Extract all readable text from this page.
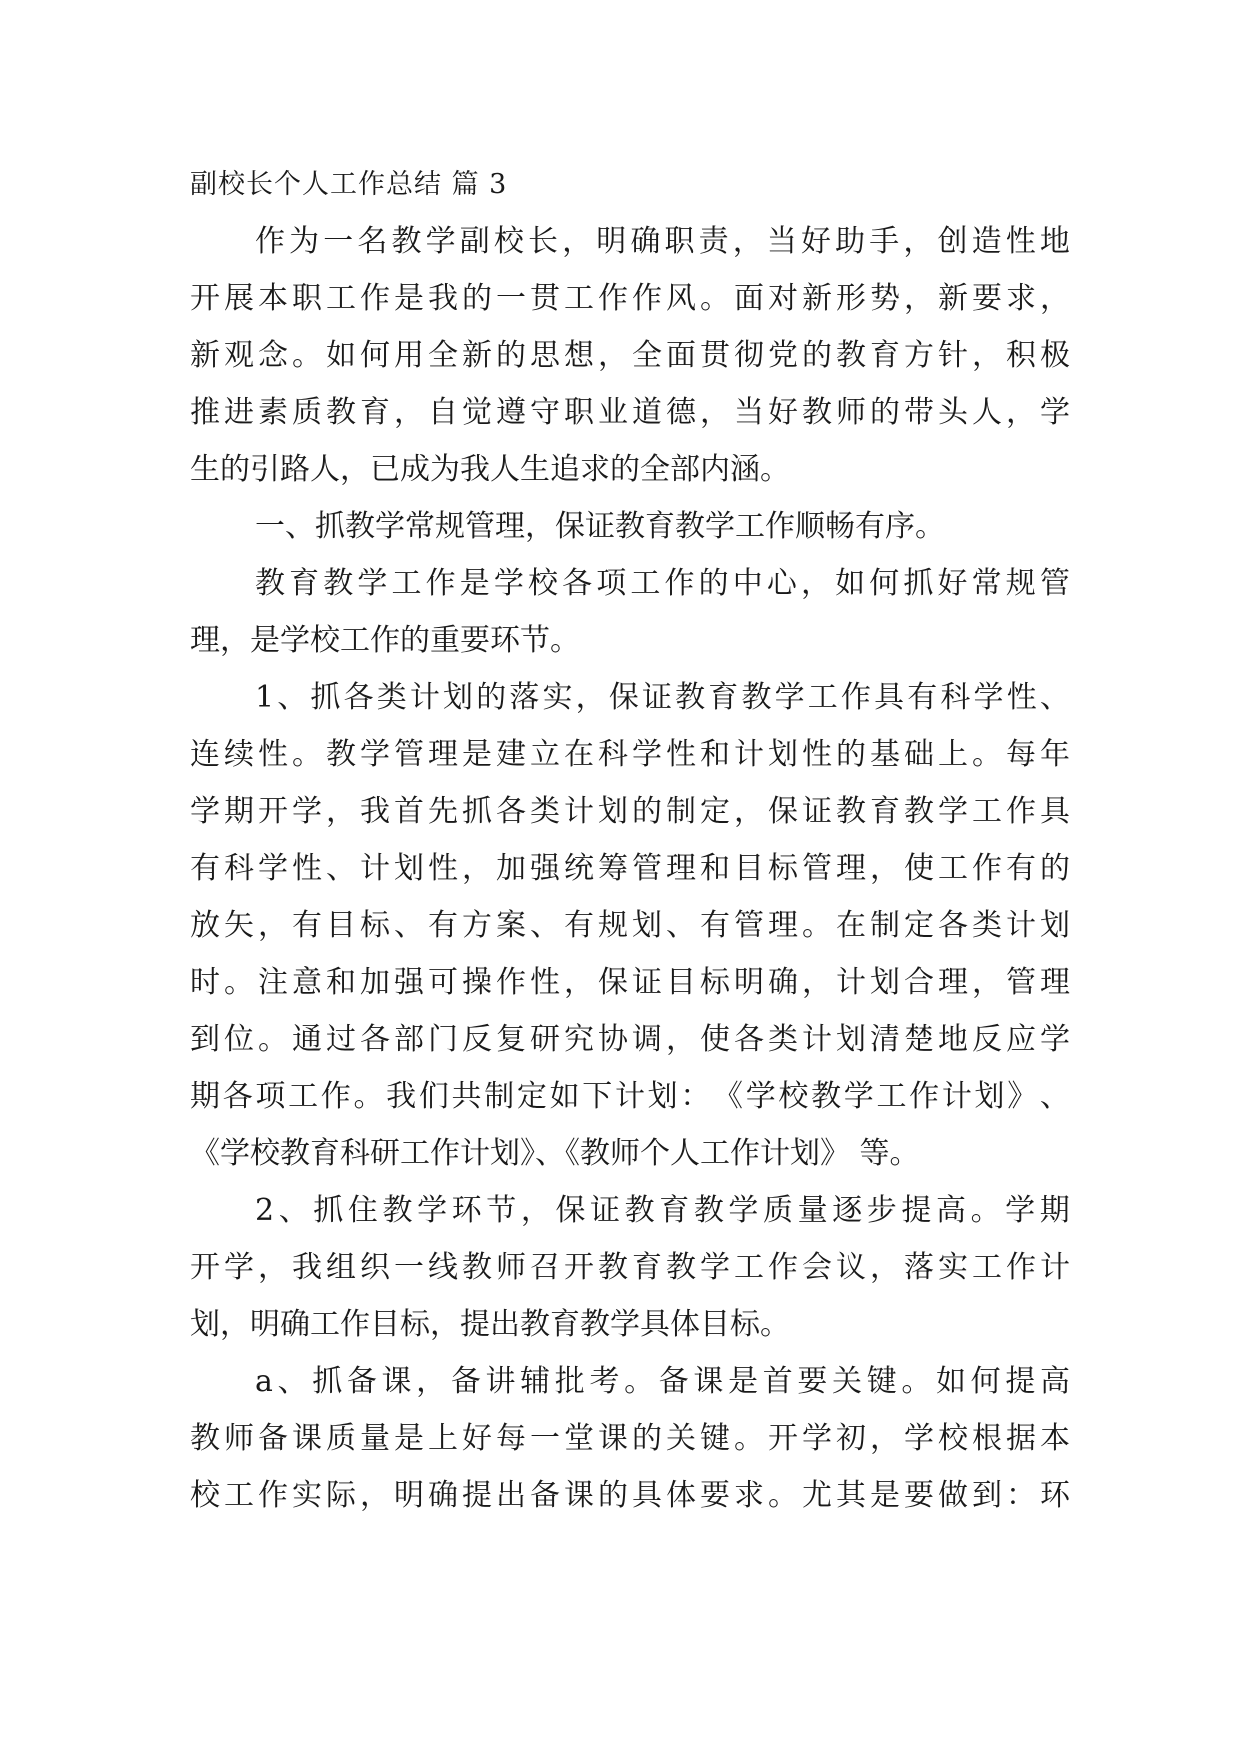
副校长个人工作总结 篇 3
作 为 一 名 教 学 副 校 长 ， 明 确 职 责 ， 当 好 助 手 ， 创 造 性 地
开 展 本 职 工 作 是 我 的 一 贯 工 作 作 风 。 面 对 新 形 势 ， 新 要 求 ，
新 观 念 。 如 何 用 全 新 的 思 想 ， 全 面 贯 彻 党 的 教 育 方 针 ， 积 极
推 进 素 质 教 育 ， 自 觉 遵 守 职 业 道 德 ， 当 好 教 师 的 带 头 人 ， 学
生的引路人，已成为我人生追求的全部内涵。
一、抓教学常规管理，保证教育教学工作顺畅有序。
教 育 教 学 工 作 是 学 校 各 项 工 作 的 中 心 ， 如 何 抓 好 常 规 管
理，是学校工作的重要环节。
1 、 抓 各 类 计 划 的 落 实 ， 保 证 教 育 教 学 工 作 具 有 科 学 性 、
连 续 性 。 教 学 管 理 是 建 立 在 科 学 性 和 计 划 性 的 基 础 上 。 每 年
学 期 开 学 ， 我 首 先 抓 各 类 计 划 的 制 定 ， 保 证 教 育 教 学 工 作 具
有 科 学 性 、 计 划 性 ， 加 强 统 筹 管 理 和 目 标 管 理 ， 使 工 作 有 的
放 矢 ， 有 目 标 、 有 方 案 、 有 规 划 、 有 管 理 。 在 制 定 各 类 计 划
时 。 注 意 和 加 强 可 操 作 性 ， 保 证 目 标 明 确 ， 计 划 合 理 ， 管 理
到 位 。 通 过 各 部 门 反 复 研 究 协 调 ， 使 各 类 计 划 清 楚 地 反 应 学
期 各 项 工 作 。 我 们 共 制 定 如 下 计 划 ： 《 学 校 教 学 工 作 计 划 》 、
《学校教育科研工作计划》、《教师个人工作计划》 等。
2 、 抓 住 教 学 环 节 ， 保 证 教 育 教 学 质 量 逐 步 提 高 。 学 期
开 学 ， 我 组 织 一 线 教 师 召 开 教 育 教 学 工 作 会 议 ， 落 实 工 作 计
划，明确工作目标，提出教育教学具体目标。
a 、 抓 备 课 ， 备 讲 辅 批 考 。 备 课 是 首 要 关 键 。 如 何 提 高
教 师 备 课 质 量 是 上 好 每 一 堂 课 的 关 键 。 开 学 初 ， 学 校 根 据 本
校 工 作 实 际 ， 明 确 提 出 备 课 的 具 体 要 求 。 尤 其 是 要 做 到 ： 环
